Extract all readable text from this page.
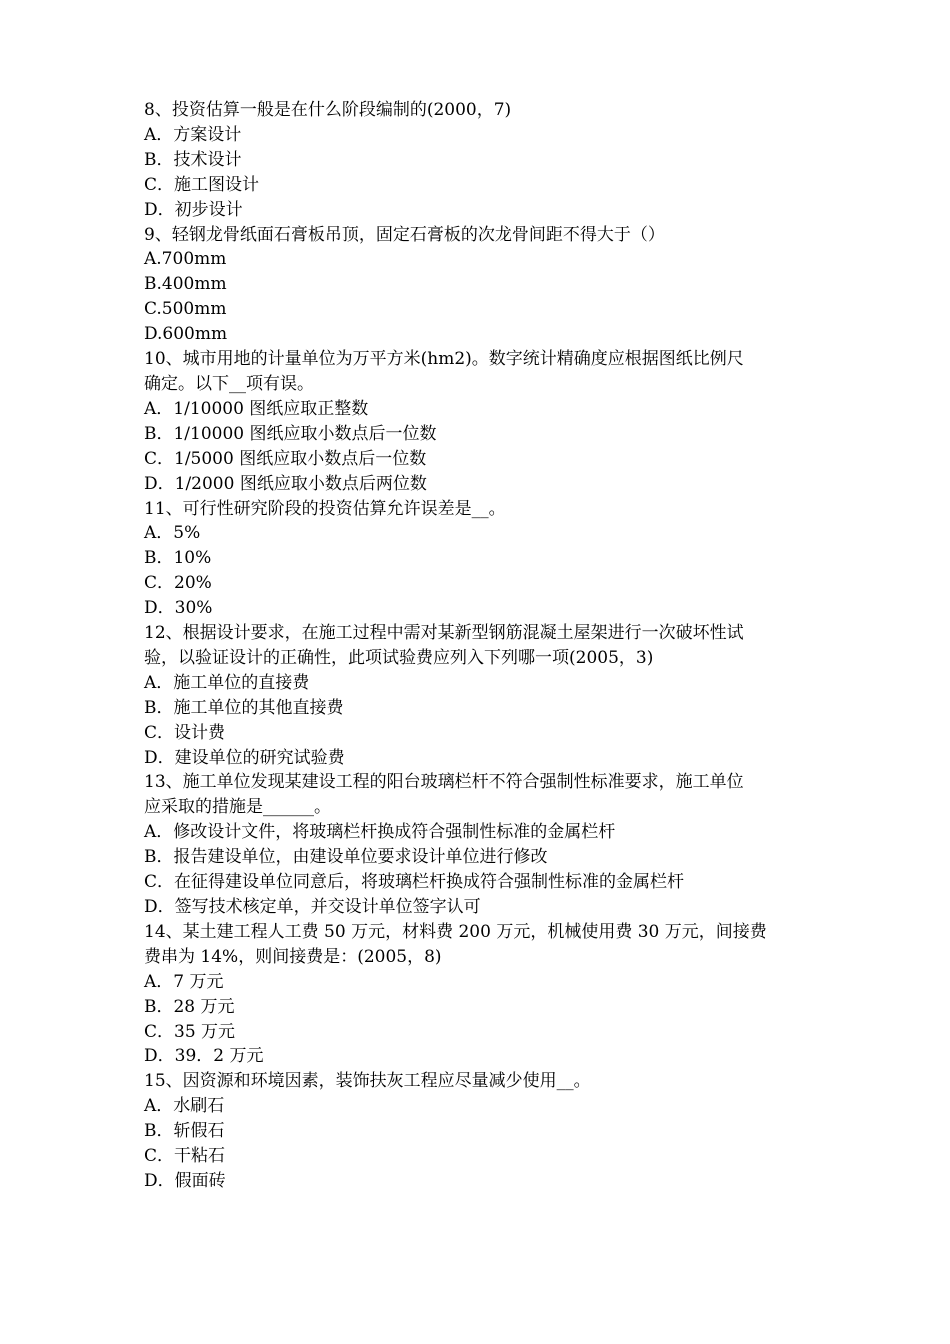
8、投资估算一般是在什么阶段编制的(2000，7)
A．方案设计
B．技术设计
C．施工图设计
D．初步设计
9、轻钢龙骨纸面石膏板吊顶，固定石膏板的次龙骨间距不得大于（）
A.700mm
B.400mm
C.500mm
D.600mm
10、城市用地的计量单位为万平方米(hm2)。数字统计精确度应根据图纸比例尺
确定。以下__项有误。
A．1/10000 图纸应取正整数
B．1/10000 图纸应取小数点后一位数
C．1/5000 图纸应取小数点后一位数
D．1/2000 图纸应取小数点后两位数
11、可行性研究阶段的投资估算允许误差是__。
A．5%
B．10%
C．20%
D．30%
12、根据设计要求，在施工过程中需对某新型钢筋混凝土屋架进行一次破坏性试
验，以验证设计的正确性，此项试验费应列入下列哪一项(2005，3)
A．施工单位的直接费
B．施工单位的其他直接费
C．设计费
D．建设单位的研究试验费
13、施工单位发现某建设工程的阳台玻璃栏杆不符合强制性标准要求，施工单位
应采取的措施是______。
A．修改设计文件，将玻璃栏杆换成符合强制性标准的金属栏杆
B．报告建设单位，由建设单位要求设计单位进行修改
C．在征得建设单位同意后，将玻璃栏杆换成符合强制性标准的金属栏杆
D．签写技术核定单，并交设计单位签字认可
14、某土建工程人工费 50 万元，材料费 200 万元，机械使用费 30 万元，间接费
费串为 14%，则间接费是：(2005，8)
A．7 万元
B．28 万元
C．35 万元
D．39．2 万元
15、因资源和环境因素，装饰扶灰工程应尽量减少使用__。
A．水刷石
B．斩假石
C．干粘石
D．假面砖
